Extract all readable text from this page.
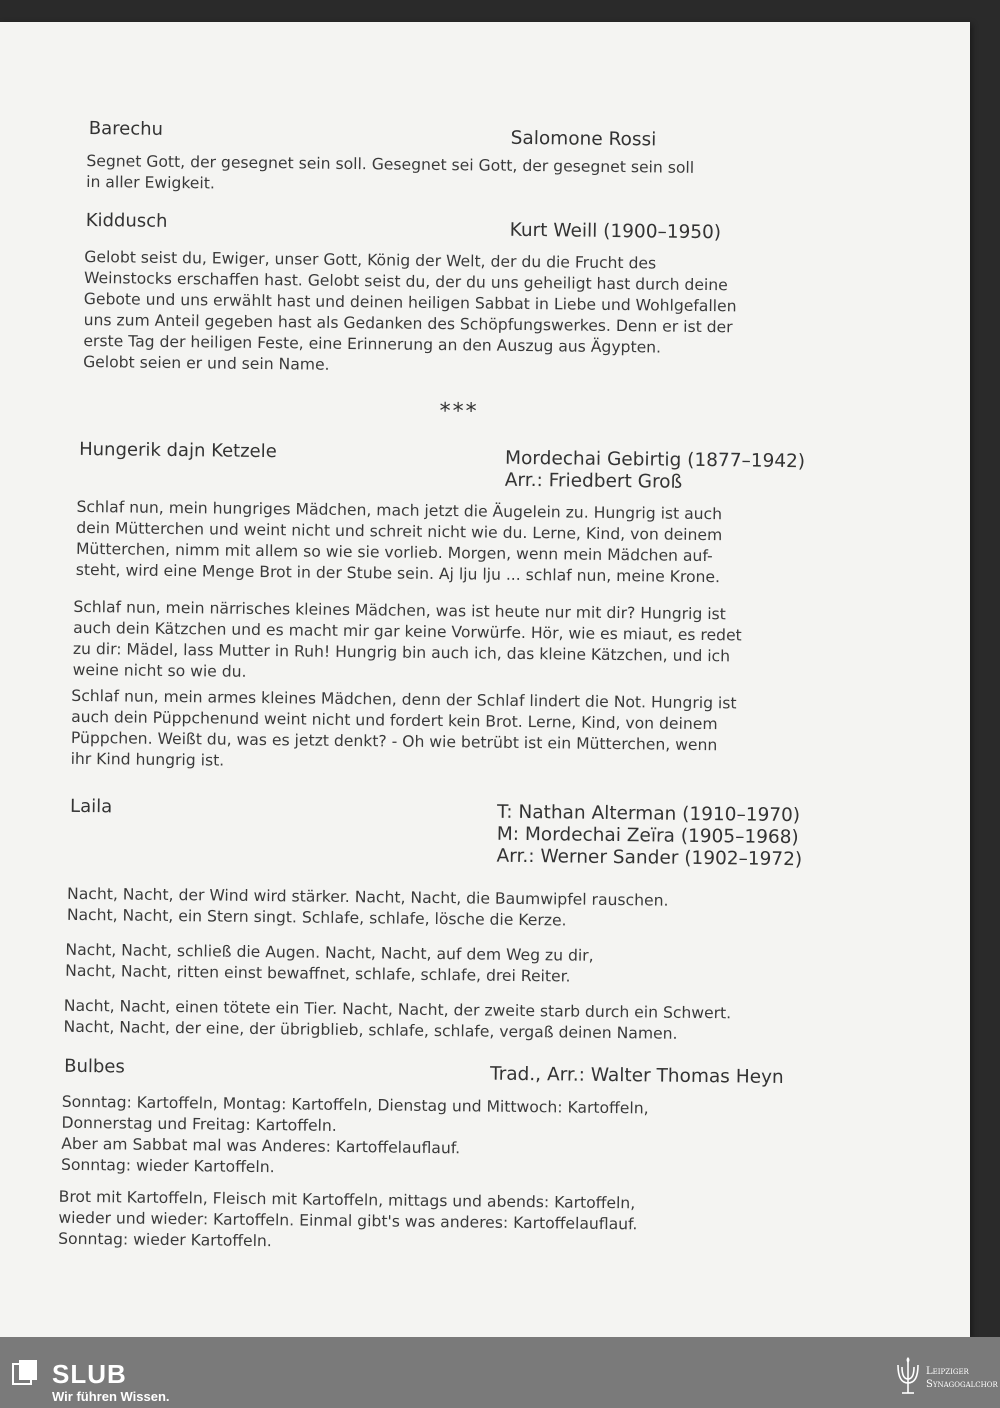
Barechu	Salomone Rossi

Segnet Gott, der gesegnet sein soll. Gesegnet sei Gott, der gesegnet sein soll
in aller Ewigkeit.

Kiddusch	Kurt Weill (1900–1950)

Gelobt seist du, Ewiger, unser Gott, König der Welt, der du die Frucht des
Weinstocks erschaffen hast. Gelobt seist du, der du uns geheiligt hast durch deine
Gebote und uns erwählt hast und deinen heiligen Sabbat in Liebe und Wohlgefallen
uns zum Anteil gegeben hast als Gedanken des Schöpfungswerkes. Denn er ist der
erste Tag der heiligen Feste, eine Erinnerung an den Auszug aus Ägypten.
Gelobt seien er und sein Name.

***
Hungerik dajn Ketzele	Mordechai Gebirtig (1877–1942)
Arr.: Friedbert Groß

Schlaf nun, mein hungriges Mädchen, mach jetzt die Äugelein zu. Hungrig ist auch
dein Mütterchen und weint nicht und schreit nicht wie du. Lerne, Kind, von deinem
Mütterchen, nimm mit allem so wie sie vorlieb. Morgen, wenn mein Mädchen auf-
steht, wird eine Menge Brot in der Stube sein. Aj lju lju ... schlaf nun, meine Krone.

Schlaf nun, mein närrisches kleines Mädchen, was ist heute nur mit dir? Hungrig ist
auch dein Kätzchen und es macht mir gar keine Vorwürfe. Hör, wie es miaut, es redet
zu dir: Mädel, lass Mutter in Ruh! Hungrig bin auch ich, das kleine Kätzchen, und ich
weine nicht so wie du.

Schlaf nun, mein armes kleines Mädchen, denn der Schlaf lindert die Not. Hungrig ist
auch dein Püppchenund weint nicht und fordert kein Brot. Lerne, Kind, von deinem
Püppchen. Weißt du, was es jetzt denkt? - Oh wie betrübt ist ein Mütterchen, wenn
ihr Kind hungrig ist.

Laila	T: Nathan Alterman (1910–1970)
M: Mordechai Zeïra (1905–1968)
Arr.: Werner Sander (1902–1972)

Nacht, Nacht, der Wind wird stärker. Nacht, Nacht, die Baumwipfel rauschen.
Nacht, Nacht, ein Stern singt. Schlafe, schlafe, lösche die Kerze.

Nacht, Nacht, schließ die Augen. Nacht, Nacht, auf dem Weg zu dir,
Nacht, Nacht, ritten einst bewaffnet, schlafe, schlafe, drei Reiter.

Nacht, Nacht, einen tötete ein Tier. Nacht, Nacht, der zweite starb durch ein Schwert.
Nacht, Nacht, der eine, der übrigblieb, schlafe, schlafe, vergaß deinen Namen.

Bulbes	Trad., Arr.: Walter Thomas Heyn

Sonntag: Kartoffeln, Montag: Kartoffeln, Dienstag und Mittwoch: Kartoffeln,
Donnerstag und Freitag: Kartoffeln.
Aber am Sabbat mal was Anderes: Kartoffelauflauf.
Sonntag: wieder Kartoffeln.

Brot mit Kartoffeln, Fleisch mit Kartoffeln, mittags und abends: Kartoffeln,
wieder und wieder: Kartoffeln. Einmal gibt's was anderes: Kartoffelauflauf.
Sonntag: wieder Kartoffeln.

SLUB
Wir führen Wissen.
Leipziger
Synagogalchor
